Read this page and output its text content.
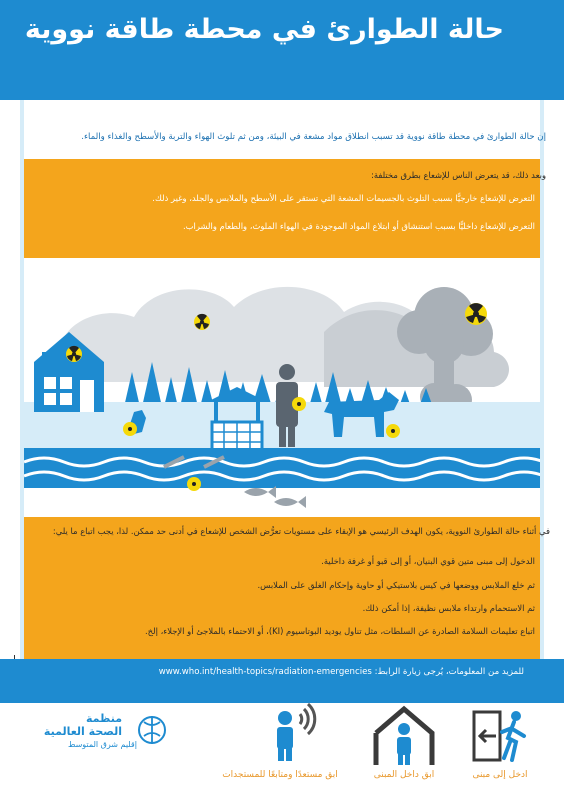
حالة الطوارئ في محطة طاقة نووية
إن حالة الطوارئ في محطة طاقة نووية قد تسبب انطلاق مواد مشعة في البيئة، ومن ثم تلوث الهواء والتربة والأسطح والغذاء والماء.
وبعد ذلك، قد يتعرض الناس للإشعاع بطرق مختلفة:
التعرض للإشعاع خارجيًّا بسبب التلوث بالجسيمات المشعة التي تستقر على الأسطح والملابس والجلد، وغير ذلك.
التعرض للإشعاع داخليًّا بسبب استنشاق أو ابتلاع المواد الموجودة في الهواء الملوث، والطعام والشراب.
في أثناء حالة الطوارئ النووية، يكون الهدف الرئيسي هو الإبقاء على مستويات تعرُّض الشخص للإشعاع في أدنى حد ممكن. لذا، يجب اتباع ما يلي:
الدخول إلى مبنى متين قوي البنيان، أو إلى قبو أو غرفة داخلية.
ثم خلع الملابس ووضعها في كيس بلاستيكي أو حاوية وإحكام الغلق على الملابس.
ثم الاستحمام وارتداء ملابس نظيفة، إذا أمكن ذلك.
اتباع تعليمات السلامة الصادرة عن السلطات، مثل تناول يوديد البوتاسيوم (KI)، أو الاحتماء بالملاجئ أو الإجلاء، إلخ.
للمزيد من المعلومات، يُرجى زيارة الرابط: www.who.int/health-topics/radiation-emergencies
منظمة
الصحة العالمية
إقليم شرق المتوسط
ابق مستعدًا ومتابعًا للمستجدات	ابق داخل المبنى	ادخل إلى مبنى
